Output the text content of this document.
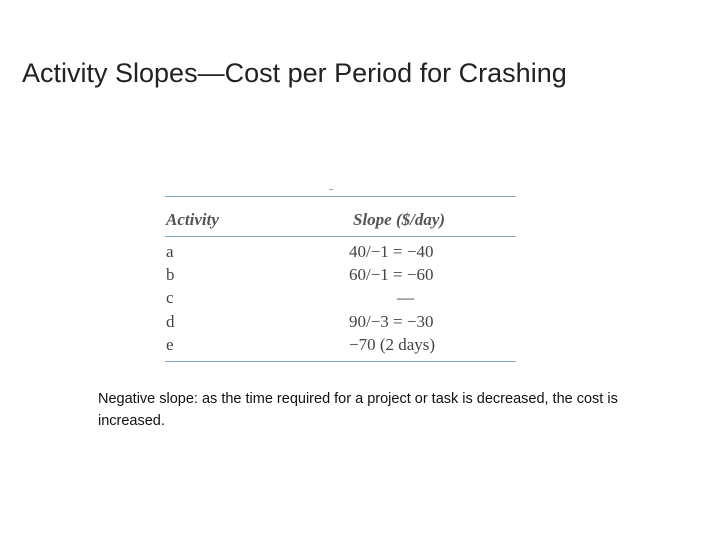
Activity Slopes—Cost per Period for Crashing
Activity	Slope ($/day)
a	40/−1 = −40
b	60/−1 = −60
c	—
d	90/−3 = −30
e	−70 (2 days)
Negative slope: as the time required for a project or task is decreased, the cost is increased.
